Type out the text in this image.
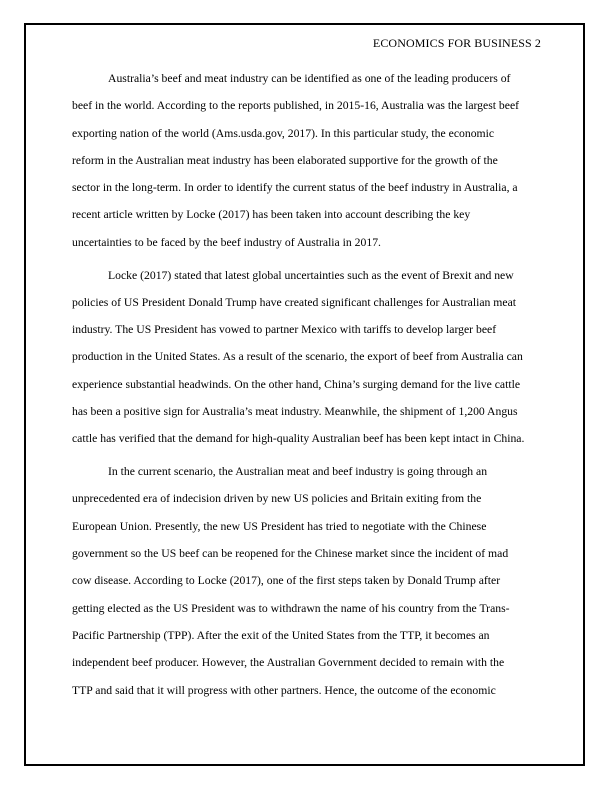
ECONOMICS FOR BUSINESS 2
Australia’s beef and meat industry can be identified as one of the leading producers of
beef in the world. According to the reports published, in 2015-16, Australia was the largest beef
exporting nation of the world (Ams.usda.gov, 2017). In this particular study, the economic
reform in the Australian meat industry has been elaborated supportive for the growth of the
sector in the long-term. In order to identify the current status of the beef industry in Australia, a
recent article written by Locke (2017) has been taken into account describing the key
uncertainties to be faced by the beef industry of Australia in 2017.
Locke (2017) stated that latest global uncertainties such as the event of Brexit and new
policies of US President Donald Trump have created significant challenges for Australian meat
industry. The US President has vowed to partner Mexico with tariffs to develop larger beef
production in the United States. As a result of the scenario, the export of beef from Australia can
experience substantial headwinds. On the other hand, China’s surging demand for the live cattle
has been a positive sign for Australia’s meat industry. Meanwhile, the shipment of 1,200 Angus
cattle has verified that the demand for high-quality Australian beef has been kept intact in China.
In the current scenario, the Australian meat and beef industry is going through an
unprecedented era of indecision driven by new US policies and Britain exiting from the
European Union. Presently, the new US President has tried to negotiate with the Chinese
government so the US beef can be reopened for the Chinese market since the incident of mad
cow disease. According to Locke (2017), one of the first steps taken by Donald Trump after
getting elected as the US President was to withdrawn the name of his country from the Trans-
Pacific Partnership (TPP). After the exit of the United States from the TTP, it becomes an
independent beef producer. However, the Australian Government decided to remain with the
TTP and said that it will progress with other partners. Hence, the outcome of the economic
